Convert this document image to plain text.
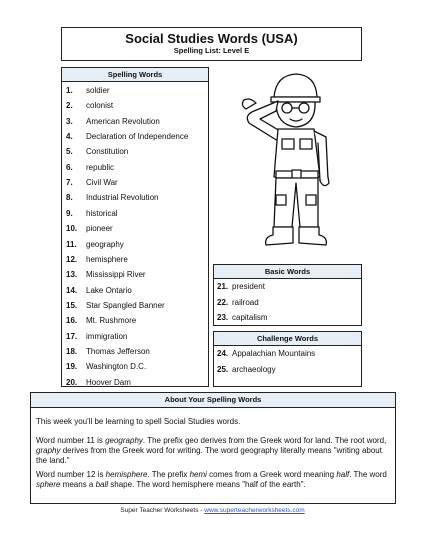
Social Studies Words (USA)
Spelling List: Level E
Spelling Words
1. soldier
2. colonist
3. American Revolution
4. Declaration of Independence
5. Constitution
6. republic
7. Civil War
8. Industrial Revolution
9. historical
10. pioneer
11. geography
12. hemisphere
13. Mississippi River
14. Lake Ontario
15. Star Spangled Banner
16. Mt. Rushmore
17. immigration
18. Thomas Jefferson
19. Washington D.C.
20. Hoover Dam
Basic Words
21. president
22. railroad
23. capitalism
Challenge Words
24. Appalachian Mountains
25. archaeology
About Your Spelling Words

This week you'll be learning to spell Social Studies words.

Word number 11 is geography. The prefix geo derives from the Greek word for land. The root word, graphy derives from the Greek word for writing. The word geography literally means "writing about the land."

Word number 12 is hemisphere. The prefix hemi comes from a Greek word meaning half. The word sphere means a ball shape. The word hemisphere means "half of the earth".

Super Teacher Worksheets - www.superteacherworksheets.com
